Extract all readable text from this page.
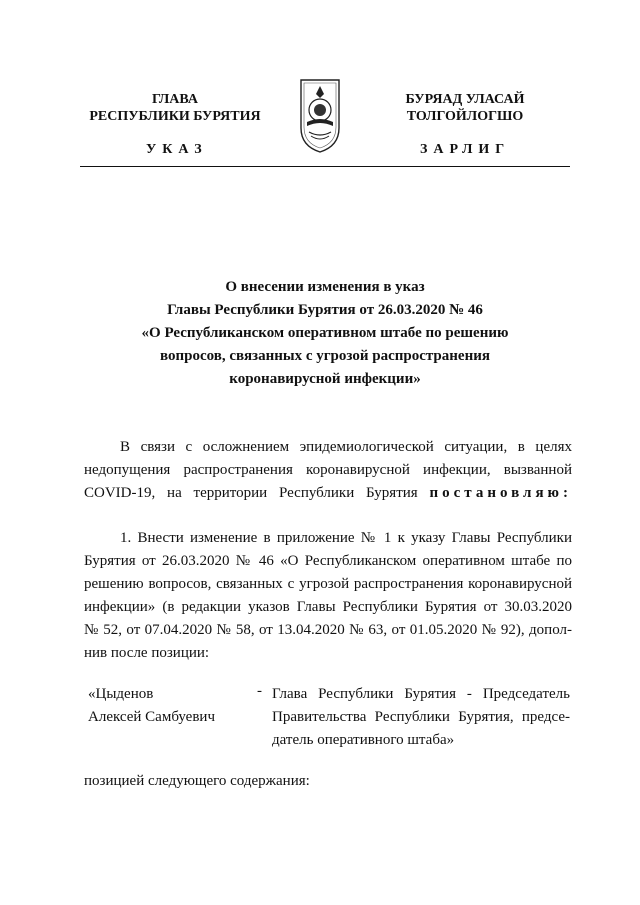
ГЛАВА
РЕСПУБЛИКИ БУРЯТИЯ
УКАЗ
БУРЯАД УЛАСАЙ
ТОЛГОЙЛОГШО
ЗАРЛИГ
О внесении изменения в указ
Главы Республики Бурятия от 26.03.2020 № 46
«О Республиканском оперативном штабе по решению
вопросов, связанных с угрозой распространения
коронавирусной инфекции»
В связи с осложнением эпидемиологической ситуации, в целях
недопущения распространения коронавирусной инфекции, вызванной
COVID-19, на территории Республики Бурятия постановляю:
1. Внести изменение в приложение № 1 к указу Главы Республики
Бурятия от 26.03.2020 № 46 «О Республиканском оперативном штабе по
решению вопросов, связанных с угрозой распространения коронавирусной
инфекции» (в редакции указов Главы Республики Бурятия от 30.03.2020
№ 52, от 07.04.2020 № 58, от 13.04.2020 № 63, от 01.05.2020 № 92), допол-
нив после позиции:
«Цыденов
Алексей Самбуевич
- Глава Республики Бурятия - Председатель
Правительства Республики Бурятия, предсе-
датель оперативного штаба»
позицией следующего содержания:
